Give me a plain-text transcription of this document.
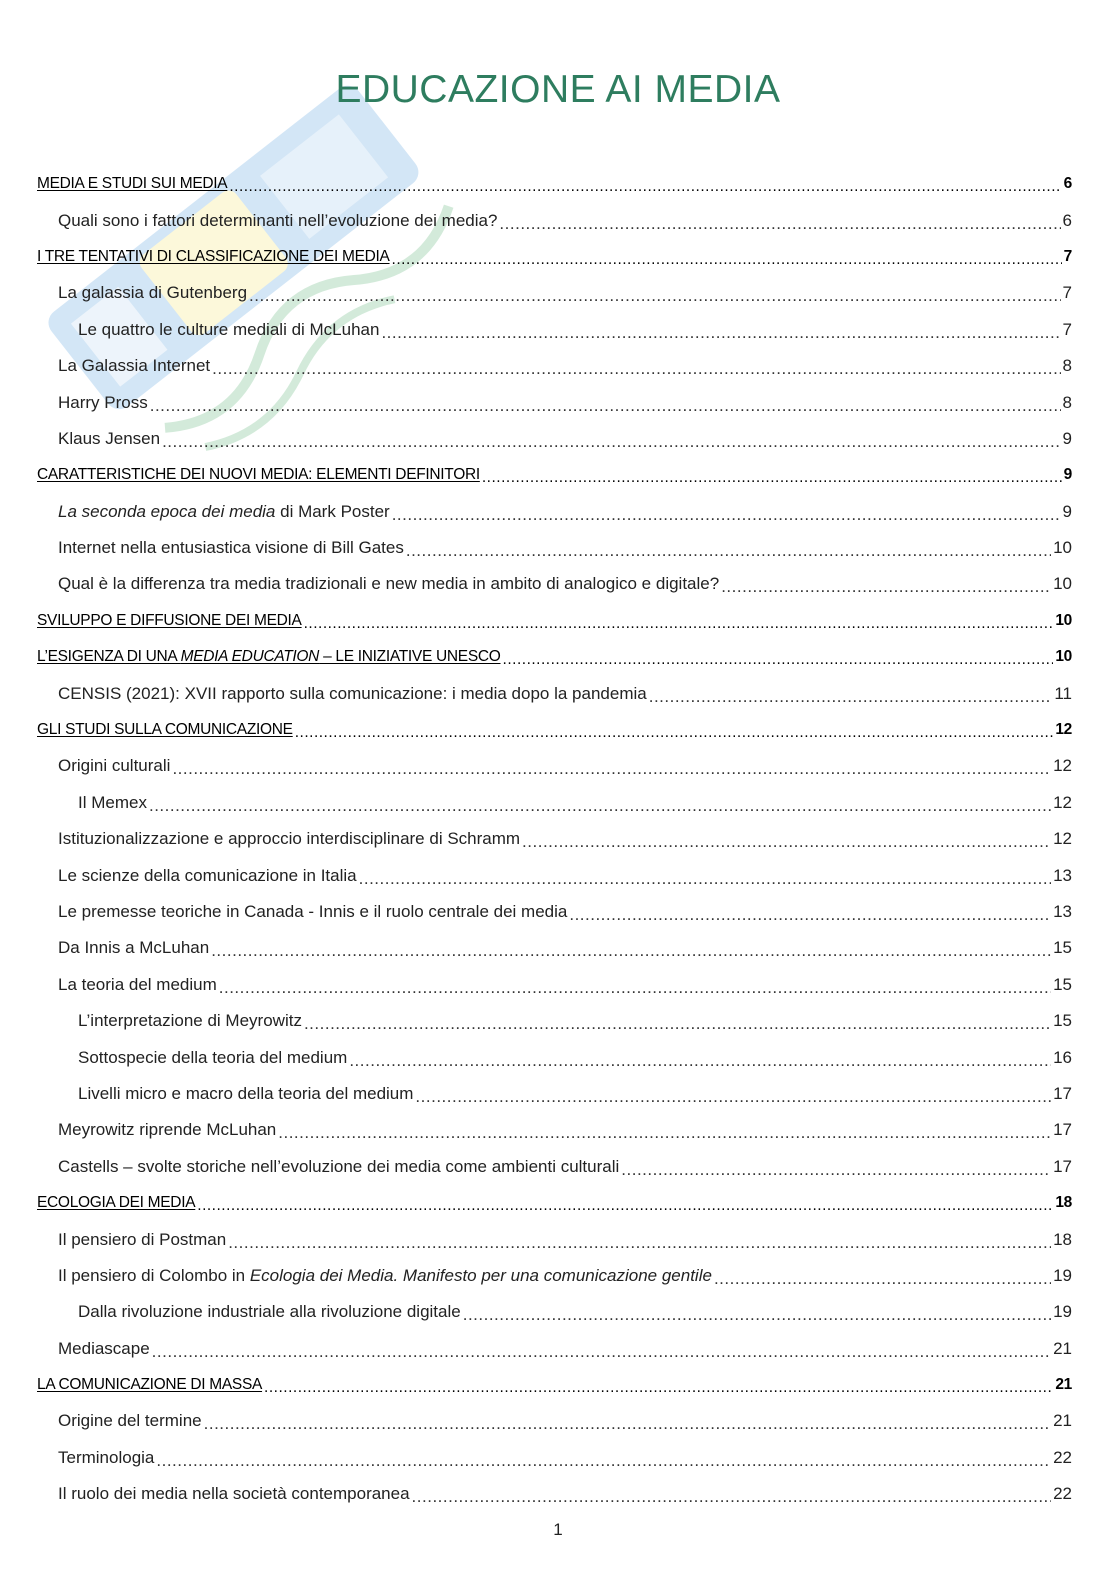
EDUCAZIONE AI MEDIA
MEDIA E STUDI SUI MEDIA .....	6
Quali sono i fattori determinanti nell’evoluzione dei media? .....	6
I TRE TENTATIVI DI CLASSIFICAZIONE DEI MEDIA .....	7
La galassia di Gutenberg .....	7
Le quattro le culture mediali di McLuhan .....	7
La Galassia Internet .....	8
Harry Pross .....	8
Klaus Jensen .....	9
CARATTERISTICHE DEI NUOVI MEDIA: ELEMENTI DEFINITORI .....	9
La seconda epoca dei media di Mark Poster .....	9
Internet nella entusiastica visione di Bill Gates .....	10
Qual è la differenza tra media tradizionali e new media in ambito di analogico e digitale? .....	10
SVILUPPO E DIFFUSIONE DEI MEDIA .....	10
L’ESIGENZA DI UNA MEDIA EDUCATION – LE INIZIATIVE UNESCO .....	10
CENSIS (2021): XVII rapporto sulla comunicazione: i media dopo la pandemia .....	11
GLI STUDI SULLA COMUNICAZIONE .....	12
Origini culturali .....	12
Il Memex .....	12
Istituzionalizzazione e approccio interdisciplinare di Schramm .....	12
Le scienze della comunicazione in Italia .....	13
Le premesse teoriche in Canada - Innis e il ruolo centrale dei media .....	13
Da Innis a McLuhan .....	15
La teoria del medium .....	15
L’interpretazione di Meyrowitz .....	15
Sottospecie della teoria del medium .....	16
Livelli micro e macro della teoria del medium .....	17
Meyrowitz riprende McLuhan .....	17
Castells – svolte storiche nell’evoluzione dei media come ambienti culturali .....	17
ECOLOGIA DEI MEDIA .....	18
Il pensiero di Postman .....	18
Il pensiero di Colombo in Ecologia dei Media. Manifesto per una comunicazione gentile .....	19
Dalla rivoluzione industriale alla rivoluzione digitale .....	19
Mediascape .....	21
LA COMUNICAZIONE DI MASSA .....	21
Origine del termine .....	21
Terminologia .....	22
Il ruolo dei media nella società contemporanea .....	22
1
